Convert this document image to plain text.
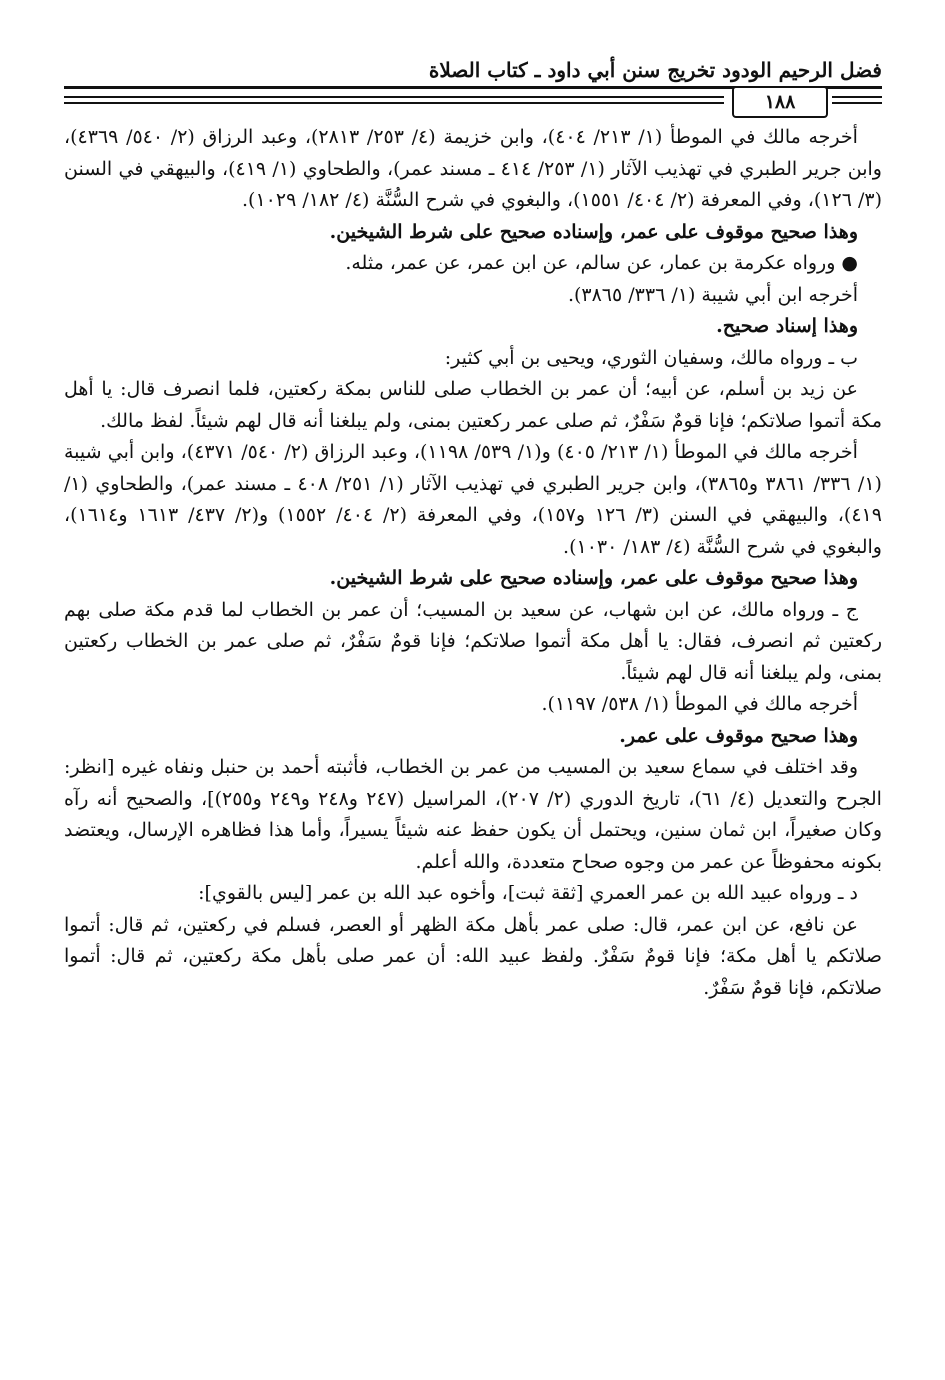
فضل الرحيم الودود تخريج سنن أبي داود ـ كتاب الصلاة
١٨٨

أخرجه مالك في الموطأ (١/ ٢١٣/ ٤٠٤)، وابن خزيمة (٤/ ٢٥٣/ ٢٨١٣)، وعبد الرزاق (٢/ ٥٤٠/ ٤٣٦٩)، وابن جرير الطبري في تهذيب الآثار (١/ ٢٥٣/ ٤١٤ ـ مسند عمر)، والطحاوي (١/ ٤١٩)، والبيهقي في السنن (٣/ ١٢٦)، وفي المعرفة (٢/ ٤٠٤/ ١٥٥١)، والبغوي في شرح السُّنَّة (٤/ ١٨٢/ ١٠٢٩).

وهذا صحيح موقوف على عمر، وإسناده صحيح على شرط الشيخين.

● ورواه عكرمة بن عمار، عن سالم، عن ابن عمر، عن عمر، مثله.

أخرجه ابن أبي شيبة (١/ ٣٣٦/ ٣٨٦٥).

وهذا إسناد صحيح.

ب ـ ورواه مالك، وسفيان الثوري، ويحيى بن أبي كثير:

عن زيد بن أسلم، عن أبيه؛ أن عمر بن الخطاب صلى للناس بمكة ركعتين، فلما انصرف قال: يا أهل مكة أتموا صلاتكم؛ فإنا قومٌ سَفْرٌ، ثم صلى عمر ركعتين بمنى، ولم يبلغنا أنه قال لهم شيئاً. لفظ مالك.

أخرجه مالك في الموطأ (١/ ٢١٣/ ٤٠٥) و(١/ ٥٣٩/ ١١٩٨)، وعبد الرزاق (٢/ ٥٤٠/ ٤٣٧١)، وابن أبي شيبة (١/ ٣٣٦/ ٣٨٦١ و٣٨٦٥)، وابن جرير الطبري في تهذيب الآثار (١/ ٢٥١/ ٤٠٨ ـ مسند عمر)، والطحاوي (١/ ٤١٩)، والبيهقي في السنن (٣/ ١٢٦ و١٥٧)، وفي المعرفة (٢/ ٤٠٤/ ١٥٥٢) و(٢/ ٤٣٧/ ١٦١٣ و١٦١٤)، والبغوي في شرح السُّنَّة (٤/ ١٨٣/ ١٠٣٠).

وهذا صحيح موقوف على عمر، وإسناده صحيح على شرط الشيخين.

ج ـ ورواه مالك، عن ابن شهاب، عن سعيد بن المسيب؛ أن عمر بن الخطاب لما قدم مكة صلى بهم ركعتين ثم انصرف، فقال: يا أهل مكة أتموا صلاتكم؛ فإنا قومٌ سَفْرٌ، ثم صلى عمر بن الخطاب ركعتين بمنى، ولم يبلغنا أنه قال لهم شيئاً.

أخرجه مالك في الموطأ (١/ ٥٣٨/ ١١٩٧).

وهذا صحيح موقوف على عمر.

وقد اختلف في سماع سعيد بن المسيب من عمر بن الخطاب، فأثبته أحمد بن حنبل ونفاه غيره [انظر: الجرح والتعديل (٤/ ٦١)، تاريخ الدوري (٢/ ٢٠٧)، المراسيل (٢٤٧ و٢٤٨ و٢٤٩ و٢٥٥)]، والصحيح أنه رآه وكان صغيراً، ابن ثمان سنين، ويحتمل أن يكون حفظ عنه شيئاً يسيراً، وأما هذا فظاهره الإرسال، ويعتضد بكونه محفوظاً عن عمر من وجوه صحاح متعددة، والله أعلم.

د ـ ورواه عبيد الله بن عمر العمري [ثقة ثبت]، وأخوه عبد الله بن عمر [ليس بالقوي]:

عن نافع، عن ابن عمر، قال: صلى عمر بأهل مكة الظهر أو العصر، فسلم في ركعتين، ثم قال: أتموا صلاتكم يا أهل مكة؛ فإنا قومٌ سَفْرٌ. ولفظ عبيد الله: أن عمر صلى بأهل مكة ركعتين، ثم قال: أتموا صلاتكم، فإنا قومٌ سَفْرٌ.
